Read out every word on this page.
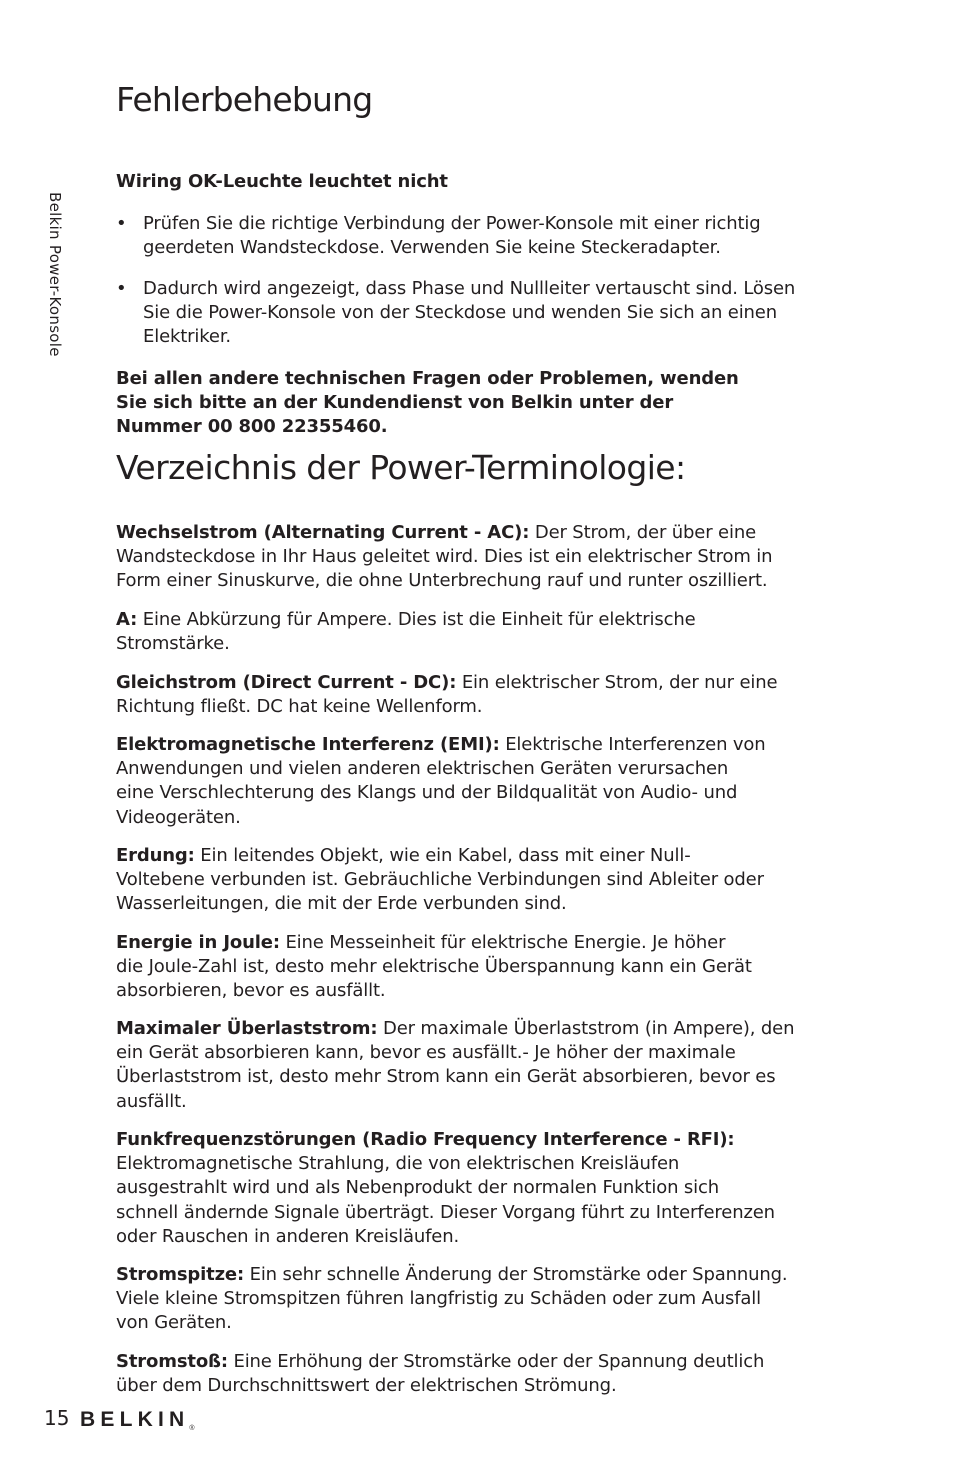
Belkin Power-Konsole
Fehlerbehebung
Wiring OK-Leuchte leuchtet nicht
• Prüfen Sie die richtige Verbindung der Power-Konsole mit einer richtig geerdeten Wandsteckdose. Verwenden Sie keine Steckeradapter.
• Dadurch wird angezeigt, dass Phase und Nullleiter vertauscht sind. Lösen Sie die Power-Konsole von der Steckdose und wenden Sie sich an einen Elektriker.
Bei allen andere technischen Fragen oder Problemen, wenden
Sie sich bitte an der Kundendienst von Belkin unter der
Nummer 00 800 22355460.
Verzeichnis der Power-Terminologie:
Wechselstrom (Alternating Current - AC): Der Strom, der über eine
Wandsteckdose in Ihr Haus geleitet wird. Dies ist ein elektrischer Strom in
Form einer Sinuskurve, die ohne Unterbrechung rauf und runter oszilliert.
A: Eine Abkürzung für Ampere. Dies ist die Einheit für elektrische
Stromstärke.
Gleichstrom (Direct Current - DC): Ein elektrischer Strom, der nur eine
Richtung fließt. DC hat keine Wellenform.
Elektromagnetische Interferenz (EMI): Elektrische Interferenzen von
Anwendungen und vielen anderen elektrischen Geräten verursachen
eine Verschlechterung des Klangs und der Bildqualität von Audio- und
Videogeräten.
Erdung: Ein leitendes Objekt, wie ein Kabel, dass mit einer Null-
Voltebene verbunden ist. Gebräuchliche Verbindungen sind Ableiter oder
Wasserleitungen, die mit der Erde verbunden sind.
Energie in Joule: Eine Messeinheit für elektrische Energie. Je höher
die Joule-Zahl ist, desto mehr elektrische Überspannung kann ein Gerät
absorbieren, bevor es ausfällt.
Maximaler Überlaststrom: Der maximale Überlaststrom (in Ampere), den
ein Gerät absorbieren kann, bevor es ausfällt.- Je höher der maximale
Überlaststrom ist, desto mehr Strom kann ein Gerät absorbieren, bevor es
ausfällt.
Funkfrequenzstörungen (Radio Frequency Interference - RFI):
Elektromagnetische Strahlung, die von elektrischen Kreisläufen
ausgestrahlt wird und als Nebenprodukt der normalen Funktion sich
schnell ändernde Signale überträgt. Dieser Vorgang führt zu Interferenzen
oder Rauschen in anderen Kreisläufen.
Stromspitze: Ein sehr schnelle Änderung der Stromstärke oder Spannung.
Viele kleine Stromspitzen führen langfristig zu Schäden oder zum Ausfall
von Geräten.
Stromstoß: Eine Erhöhung der Stromstärke oder der Spannung deutlich
über dem Durchschnittswert der elektrischen Strömung.
15 BELKIN®
